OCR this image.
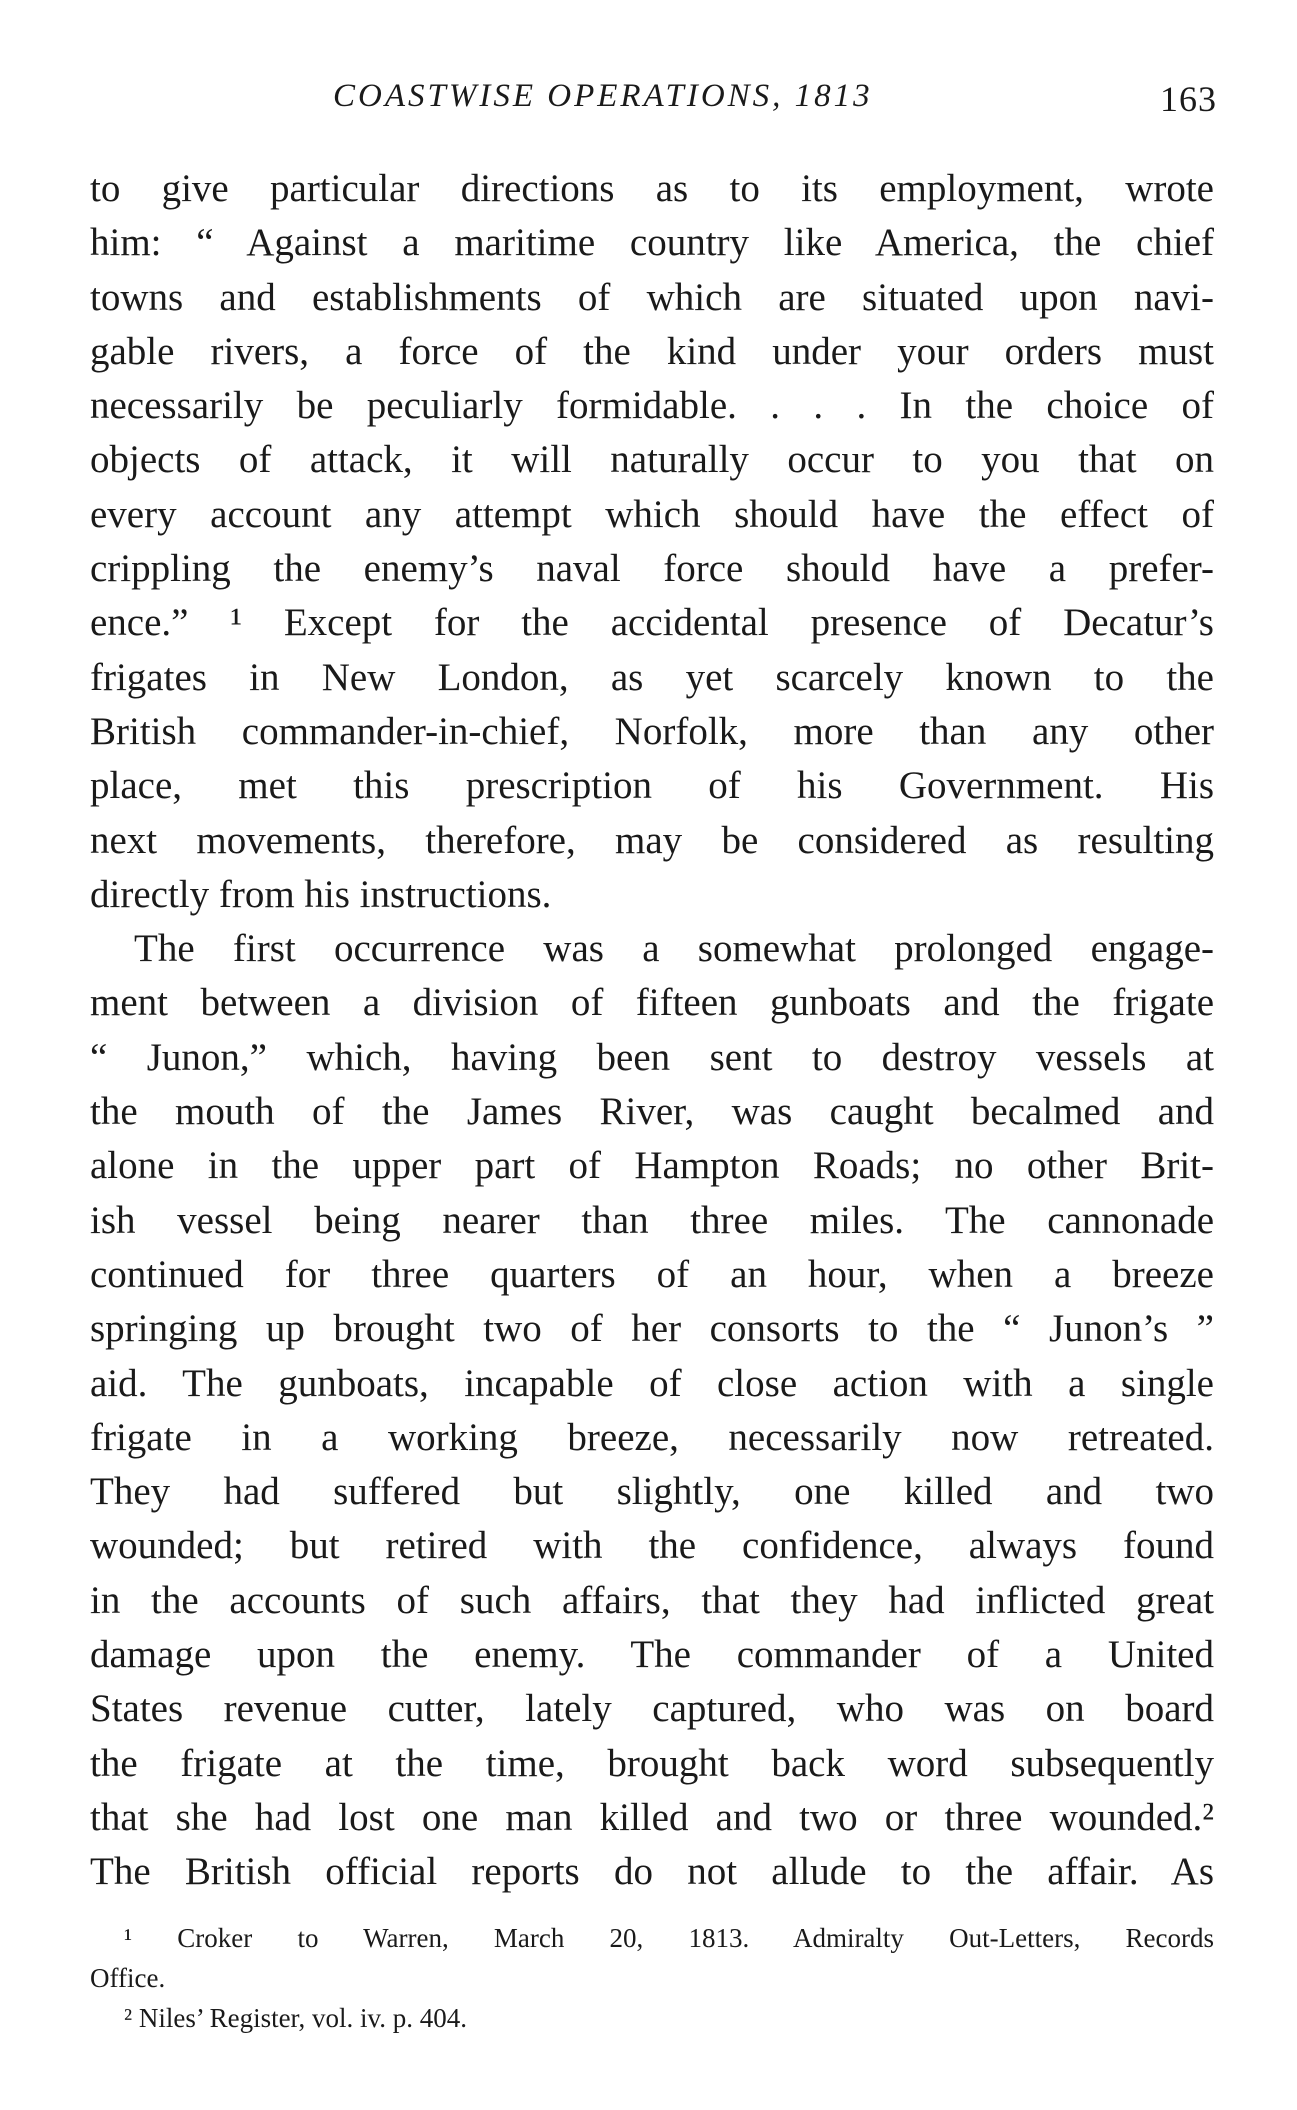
COASTWISE OPERATIONS, 1813	163
to give particular directions as to its employment, wrote
him: “ Against a maritime country like America, the chief
towns and establishments of which are situated upon navi-
gable rivers, a force of the kind under your orders must
necessarily be peculiarly formidable. . . . In the choice of
objects of attack, it will naturally occur to you that on
every account any attempt which should have the effect of
crippling the enemy’s naval force should have a prefer-
ence.” ¹ Except for the accidental presence of Decatur’s
frigates in New London, as yet scarcely known to the
British commander-in-chief, Norfolk, more than any other
place, met this prescription of his Government. His
next movements, therefore, may be considered as resulting
directly from his instructions.
The first occurrence was a somewhat prolonged engage-
ment between a division of fifteen gunboats and the frigate
“ Junon,” which, having been sent to destroy vessels at
the mouth of the James River, was caught becalmed and
alone in the upper part of Hampton Roads; no other Brit-
ish vessel being nearer than three miles. The cannonade
continued for three quarters of an hour, when a breeze
springing up brought two of her consorts to the “ Junon’s ”
aid. The gunboats, incapable of close action with a single
frigate in a working breeze, necessarily now retreated.
They had suffered but slightly, one killed and two
wounded; but retired with the confidence, always found
in the accounts of such affairs, that they had inflicted great
damage upon the enemy. The commander of a United
States revenue cutter, lately captured, who was on board
the frigate at the time, brought back word subsequently
that she had lost one man killed and two or three wounded.²
The British official reports do not allude to the affair. As
¹ Croker to Warren, March 20, 1813. Admiralty Out-Letters, Records
Office.
² Niles’ Register, vol. iv. p. 404.
